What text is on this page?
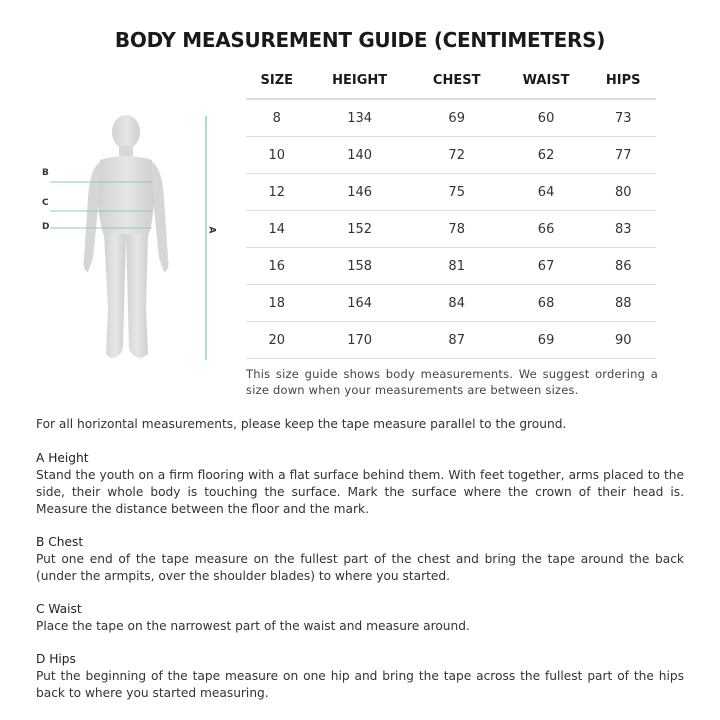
BODY MEASUREMENT GUIDE (CENTIMETERS)
B
C
D	A
SIZE	HEIGHT	CHEST	WAIST	HIPS
8	134	69	60	73
10	140	72	62	77
12	146	75	64	80
14	152	78	66	83
16	158	81	67	86
18	164	84	68	88
20	170	87	69	90
This size guide shows body measurements. We suggest ordering a size down when your measurements are between sizes.
For all horizontal measurements, please keep the tape measure parallel to the ground.
A Height
Stand the youth on a firm flooring with a flat surface behind them. With feet together, arms placed to the side, their whole body is touching the surface. Mark the surface where the crown of their head is. Measure the distance between the floor and the mark.
B Chest
Put one end of the tape measure on the fullest part of the chest and bring the tape around the back (under the armpits, over the shoulder blades) to where you started.
C Waist
Place the tape on the narrowest part of the waist and measure around.
D Hips
Put the beginning of the tape measure on one hip and bring the tape across the fullest part of the hips back to where you started measuring.
